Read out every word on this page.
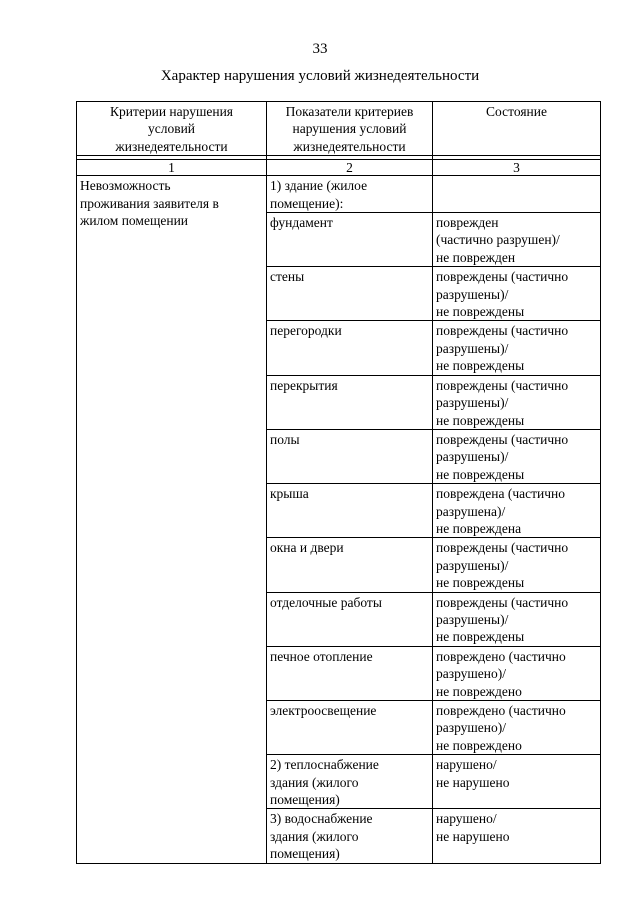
33
Характер нарушения условий жизнедеятельности
Критерии нарушения
условий
жизнедеятельности	Показатели критериев
нарушения условий
жизнедеятельности	Состояние

1	2	3
Невозможность
проживания заявителя в
жилом помещении	1) здание (жилое
помещение):	
	фундамент	поврежден
(частично разрушен)/
не поврежден
	стены	повреждены (частично
разрушены)/
не повреждены
	перегородки	повреждены (частично
разрушены)/
не повреждены
	перекрытия	повреждены (частично
разрушены)/
не повреждены
	полы	повреждены (частично
разрушены)/
не повреждены
	крыша	повреждена (частично
разрушена)/
не повреждена
	окна и двери	повреждены (частично
разрушены)/
не повреждены
	отделочные работы	повреждены (частично
разрушены)/
не повреждены
	печное отопление	повреждено (частично
разрушено)/
не повреждено
	электроосвещение	повреждено (частично
разрушено)/
не повреждено
	2) теплоснабжение
здания (жилого
помещения)	нарушено/
не нарушено
	3) водоснабжение
здания (жилого
помещения)	нарушено/
не нарушено
